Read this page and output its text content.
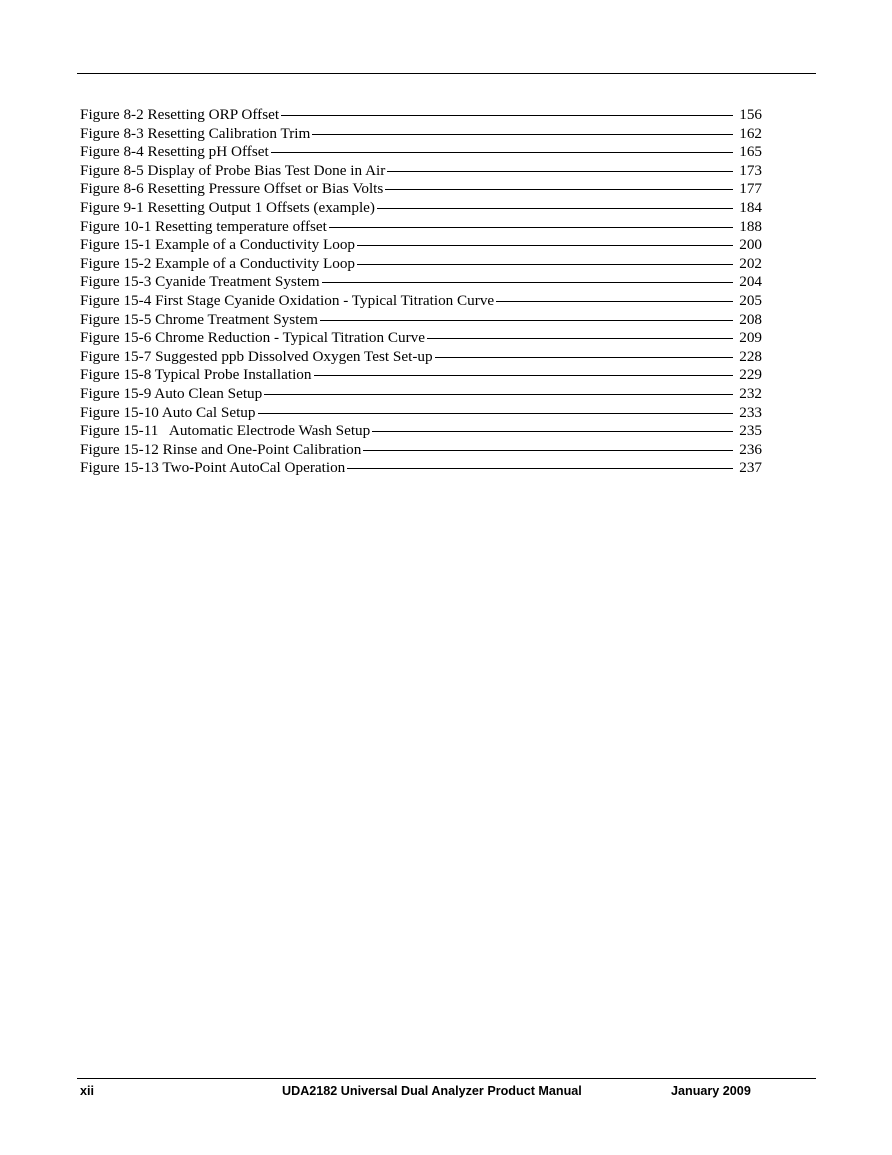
Figure 8-2 Resetting ORP Offset	156
Figure 8-3 Resetting Calibration Trim	162
Figure 8-4 Resetting pH Offset	165
Figure 8-5 Display of Probe Bias Test Done in Air	173
Figure 8-6 Resetting Pressure Offset or Bias Volts	177
Figure 9-1 Resetting Output 1 Offsets (example)	184
Figure 10-1 Resetting temperature offset	188
Figure 15-1 Example of a Conductivity Loop	200
Figure 15-2 Example of a Conductivity Loop	202
Figure 15-3 Cyanide Treatment System	204
Figure 15-4 First Stage Cyanide Oxidation - Typical Titration Curve	205
Figure 15-5 Chrome Treatment System	208
Figure 15-6 Chrome Reduction - Typical Titration Curve	209
Figure 15-7 Suggested ppb Dissolved Oxygen Test Set-up	228
Figure 15-8 Typical Probe Installation	229
Figure 15-9 Auto Clean Setup	232
Figure 15-10 Auto Cal Setup	233
Figure 15-11   Automatic Electrode Wash Setup	235
Figure 15-12 Rinse and One-Point Calibration	236
Figure 15-13 Two-Point AutoCal Operation	237
xii	UDA2182 Universal Dual Analyzer Product Manual	January 2009
